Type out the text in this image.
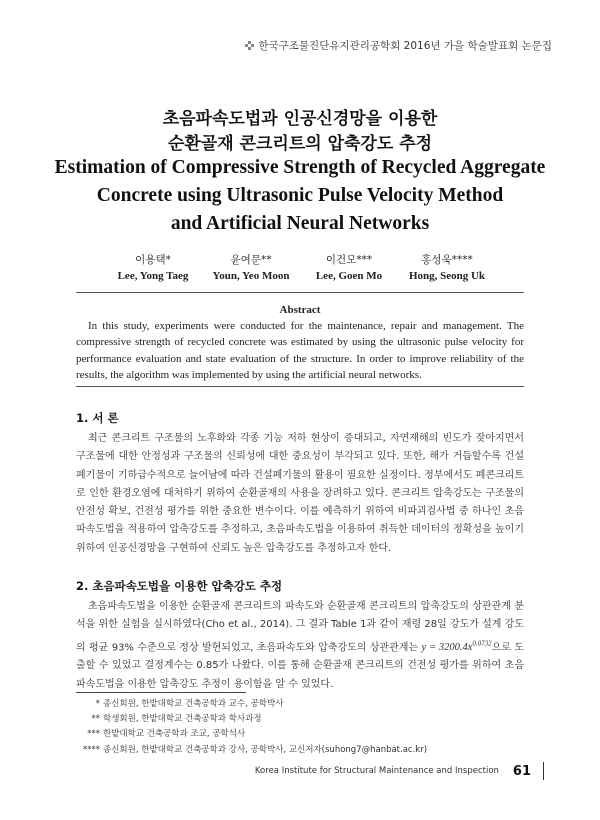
한국구조물진단유지관리공학회 2016년 가을 학술발표회 논문집
초음파속도법과 인공신경망을 이용한
순환골재 콘크리트의 압축강도 추정
Estimation of Compressive Strength of Recycled Aggregate
Concrete using Ultrasonic Pulse Velocity Method
and Artificial Neural Networks
이용택*
Lee, Yong Taeg
윤여문**
Youn, Yeo Moon
이건모***
Lee, Goen Mo
홍성욱****
Hong, Seong Uk
Abstract

In this study, experiments were conducted for the maintenance, repair and management. The compressive strength of recycled concrete was estimated by using the ultrasonic pulse velocity for performance evaluation and state evaluation of the structure. In order to improve reliability of the results, the algorithm was implemented by using the artificial neural networks.

1. 서 론

최근 콘크리트 구조물의 노후화와 각종 기능 저하 현상이 증대되고, 자연재해의 빈도가 잦아지면서 구조물에 대한 안정성과 구조물의 신뢰성에 대한 중요성이 부각되고 있다. 또한, 해가 거듭할수록 건설 폐기물이 기하급수적으로 늘어남에 따라 건설폐기물의 활용이 필요한 실정이다. 정부에서도 폐콘크리트로 인한 환경오염에 대처하기 위하여 순환골재의 사용을 장려하고 있다. 콘크리트 압축강도는 구조물의 안전성 확보, 건전성 평가를 위한 중요한 변수이다. 이를 예측하기 위하여 비파괴검사법 중 하나인 초음파속도법을 적용하여 압축강도를 추정하고, 초음파속도법을 이용하여 취득한 데이터의 정확성을 높이기 위하여 인공신경망을 구현하여 신뢰도 높은 압축강도를 추정하고자 한다.

2. 초음파속도법을 이용한 압축강도 추정

초음파속도법을 이용한 순환골재 콘크리트의 파속도와 순환골재 콘크리트의 압축강도의 상관관계 분석을 위한 실험을 실시하였다(Cho et al., 2014). 그 결과 Table 1과 같이 재령 28일 강도가 설계 강도의 평균 93% 수준으로 정상 발현되었고, 초음파속도와 압축강도의 상관관계는 $y = 3200.4x^{0.0732}$으로 도출할 수 있었고 결정계수는 0.85가 나왔다. 이를 통해 순환골재 콘크리트의 건전성 평가를 위하여 초음파속도법을 이용한 압축강도 추정이 용이함을 알 수 있었다.

* 종신회원, 한밭대학교 건축공학과 교수, 공학박사
** 학생회원, 한밭대학교 건축공학과 학사과정
*** 한밭대학교 건축공학과 조교, 공학석사
**** 종신회원, 한밭대학교 건축공학과 강사, 공학박사, 교신저자(suhong7@hanbat.ac.kr)
Korea Institute for Structural Maintenance and Inspection 61
